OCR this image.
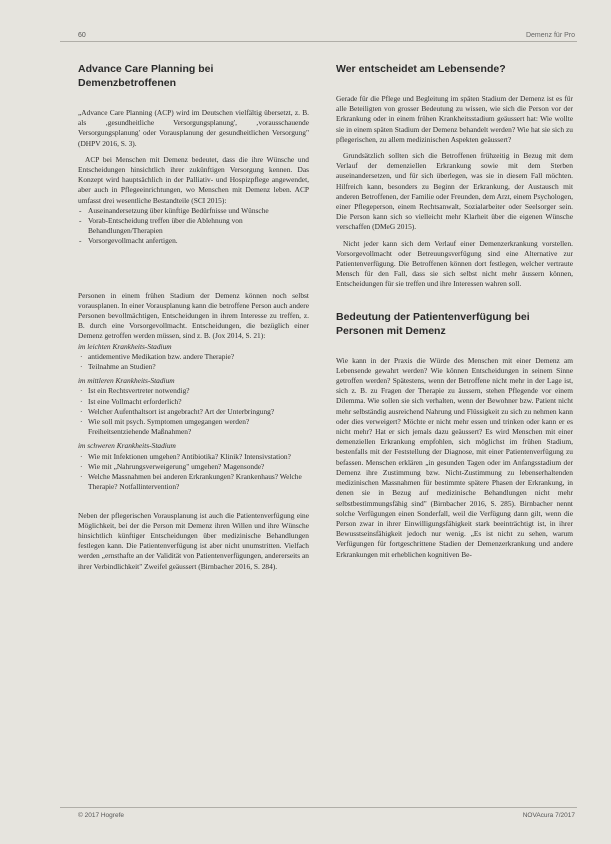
60	Demenz für Pro
Advance Care Planning bei Demenzbetroffenen

„Advance Care Planning (ACP) wird im Deutschen vielfältig übersetzt, z. B. als ‚gesundheitliche Versorgungsplanung', ‚vorausschauende Versorgungsplanung' oder Vorausplanung der gesundheitlichen Versorgung" (DHPV 2016, S. 3).

ACP bei Menschen mit Demenz bedeutet, dass die ihre Wünsche und Entscheidungen hinsichtlich ihrer zukünftigen Versorgung kennen. Das Konzept wird hauptsächlich in der Palliativ- und Hospizpflege angewendet, aber auch in Pflegeeinrichtungen, wo Menschen mit Demenz leben. ACP umfasst drei wesentliche Bestandteile (SCI 2015):

- Auseinandersetzung über künftige Bedürfnisse und Wünsche
- Vorab-Entscheidung treffen über die Ablehnung von Behandlungen/Therapien
- Vorsorgevollmacht anfertigen.

Personen in einem frühen Stadium der Demenz können noch selbst vorausplanen. In einer Vorausplanung kann die betroffene Person auch andere Personen bevollmächtigen, Entscheidungen in ihrem Interesse zu treffen, z. B. durch eine Vorsorgevollmacht. Entscheidungen, die bezüglich einer Demenz getroffen werden müssen, sind z. B. (Jox 2014, S. 21):

im leichten Krankheits-Stadium
· antidementive Medikation bzw. andere Therapie?
· Teilnahme an Studien?
im mittleren Krankheits-Stadium
· Ist ein Rechtsvertreter notwendig?
· Ist eine Vollmacht erforderlich?
· Welcher Aufenthaltsort ist angebracht? Art der Unterbringung?
· Wie soll mit psych. Symptomen umgegangen werden? Freiheitsentziehende Maßnahmen?
im schweren Krankheits-Stadium
· Wie mit Infektionen umgehen? Antibiotika? Klinik? Intensivstation?
· Wie mit „Nahrungsverweigerung" umgehen? Magensonde?
· Welche Massnahmen bei anderen Erkrankungen? Krankenhaus? Welche Therapie? Notfallintervention?

Neben der pflegerischen Vorausplanung ist auch die Patientenverfügung eine Möglichkeit, bei der die Person mit Demenz ihren Willen und ihre Wünsche hinsichtlich künftiger Entscheidungen über medizinische Behandlungen festlegen kann. Die Patientenverfügung ist aber nicht unumstritten. Vielfach werden „ernsthafte an der Validität von Patientenverfügungen, andererseits an ihrer Verbindlichkeit" Zweifel geäussert (Birnbacher 2016, S. 284).

Wer entscheidet am Lebensende?

Gerade für die Pflege und Begleitung im späten Stadium der Demenz ist es für alle Beteiligten von grosser Bedeutung zu wissen, wie sich die Person vor der Erkrankung oder in einem frühen Krankheitsstadium geäussert hat: Wie wollte sie in einem späten Stadium der Demenz behandelt werden? Wie hat sie sich zu pflegerischen, zu allem medizinischen Aspekten geäussert?

Grundsätzlich sollten sich die Betroffenen frühzeitig in Bezug mit dem Verlauf der demenziellen Erkrankung sowie mit dem Sterben auseinandersetzen, und für sich überlegen, was sie in diesem Fall möchten. Hilfreich kann, besonders zu Beginn der Erkrankung, der Austausch mit anderen Betroffenen, der Familie oder Freunden, dem Arzt, einem Psychologen, einer Pflegeperson, einem Rechtsanwalt, Sozialarbeiter oder Seelsorger sein. Die Person kann sich so vielleicht mehr Klarheit über die eigenen Wünsche verschaffen (DMeG 2015).

Nicht jeder kann sich dem Verlauf einer Demenzerkrankung vorstellen. Vorsorgevollmacht oder Betreuungsverfügung sind eine Alternative zur Patientenverfügung. Die Betroffenen können dort festlegen, welcher vertraute Mensch für den Fall, dass sie sich selbst nicht mehr äussern können, Entscheidungen für sie treffen und ihre Interessen wahren soll.

Bedeutung der Patientenverfügung bei Personen mit Demenz

Wie kann in der Praxis die Würde des Menschen mit einer Demenz am Lebensende gewahrt werden? Wie können Entscheidungen in seinem Sinne getroffen werden? Spätestens, wenn der Betroffene nicht mehr in der Lage ist, sich z. B. zu Fragen der Therapie zu äussern, stehen Pflegende vor einem Dilemma. Wie sollen sie sich verhalten, wenn der Bewohner bzw. Patient nicht mehr selbständig ausreichend Nahrung und Flüssigkeit zu sich zu nehmen kann oder dies verweigert? Möchte er nicht mehr essen und trinken oder kann er es nicht mehr? Hat er sich jemals dazu geäussert? Es wird Menschen mit einer demenziellen Erkrankung empfohlen, sich möglichst im frühen Stadium, bestenfalls mit der Feststellung der Diagnose, mit einer Patientenverfügung zu befassen. Menschen erklären „in gesunden Tagen oder im Anfangsstadium der Demenz ihre Zustimmung bzw. Nicht-Zustimmung zu lebenserhaltenden medizinischen Massnahmen für bestimmte spätere Phasen der Erkrankung, in denen sie in Bezug auf medizinische Behandlungen nicht mehr selbstbestimmungsfähig sind" (Birnbacher 2016, S. 285). Birnbacher nennt solche Verfügungen einen Sonderfall, weil die Verfügung dann gilt, wenn die Person zwar in ihrer Einwilligungsfähigkeit stark beeinträchtigt ist, in ihrer Bewusstseinsfähigkeit jedoch nur wenig. „Es ist nicht zu sehen, warum Verfügungen für fortgeschrittene Stadien der Demenzerkrankung und andere Erkrankungen mit erheblichen kognitiven Be-

© 2017 Hogrefe	NOVAcura 7/2017
